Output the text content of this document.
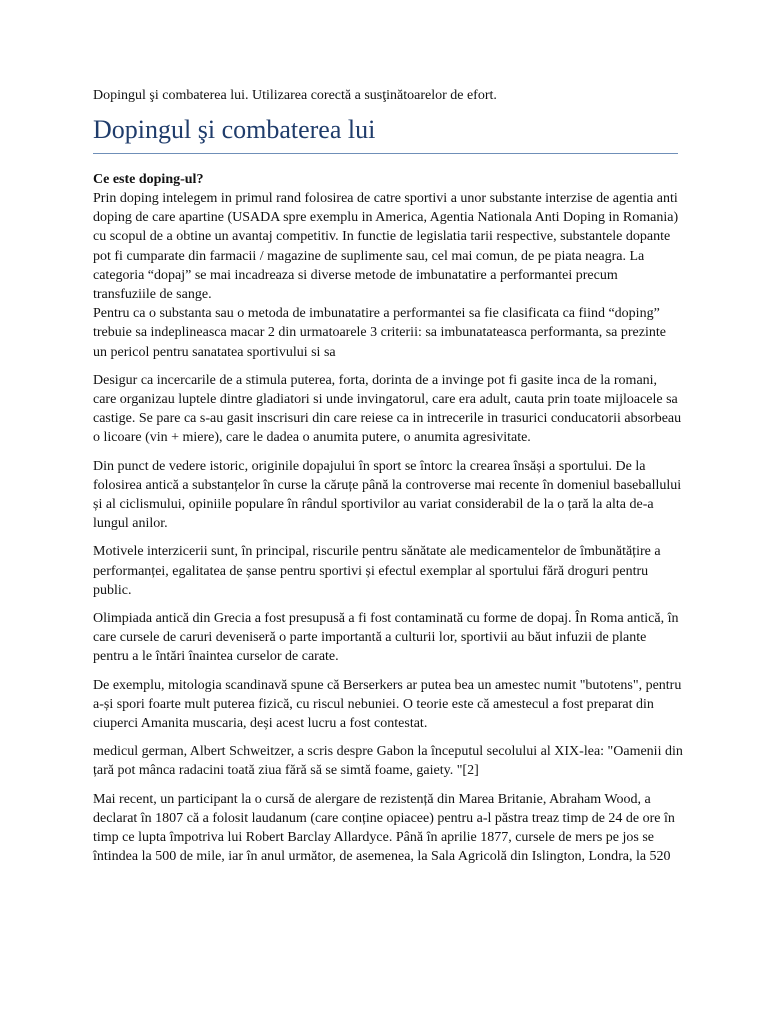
Dopingul şi combaterea lui. Utilizarea corectă a susţinătoarelor de efort.
Dopingul şi combaterea lui
Ce este doping-ul?

Prin doping intelegem in primul rand folosirea de catre sportivi a unor substante interzise de agentia anti doping de care apartine (USADA spre exemplu in America, Agentia Nationala Anti Doping in Romania) cu scopul de a obtine un avantaj competitiv. In functie de legislatia tarii respective, substantele dopante pot fi cumparate din farmacii / magazine de suplimente sau, cel mai comun, de pe piata neagra. La categoria “dopaj” se mai incadreaza si diverse metode de imbunatatire a performantei precum transfuziile de sange.

Pentru ca o substanta sau o metoda de imbunatatire a performantei sa fie clasificata ca fiind “doping” trebuie sa indeplineasca macar 2 din urmatoarele 3 criterii: sa imbunatateasca performanta, sa prezinte un pericol pentru sanatatea sportivului si sa

Desigur ca incercarile de a stimula puterea, forta, dorinta de a invinge pot fi gasite inca de la romani, care organizau luptele dintre gladiatori si unde invingatorul, care era adult, cauta prin toate mijloacele sa castige. Se pare ca s-au gasit inscrisuri din care reiese ca in intrecerile in trasurici conducatorii absorbeau o licoare (vin + miere), care le dadea o anumita putere, o anumita agresivitate.

Din punct de vedere istoric, originile dopajului în sport se întorc la crearea însăși a sportului. De la folosirea antică a substanțelor în curse la căruțe până la controverse mai recente în domeniul baseballului și al ciclismului, opiniile populare în rândul sportivilor au variat considerabil de la o țară la alta de-a lungul anilor.

Motivele interzicerii sunt, în principal, riscurile pentru sănătate ale medicamentelor de îmbunătățire a performanței, egalitatea de șanse pentru sportivi și efectul exemplar al sportului fără droguri pentru public.

Olimpiada antică din Grecia a fost presupusă a fi fost contaminată cu forme de dopaj. În Roma antică, în care cursele de caruri deveniseră o parte importantă a culturii lor, sportivii au băut infuzii de plante pentru a le întări înaintea curselor de carate.

De exemplu, mitologia scandinavă spune că Berserkers ar putea bea un amestec numit "butotens", pentru a-și spori foarte mult puterea fizică, cu riscul nebuniei. O teorie este că amestecul a fost preparat din ciuperci Amanita muscaria, deși acest lucru a fost contestat.

medicul german, Albert Schweitzer, a scris despre Gabon la începutul secolului al XIX-lea: "Oamenii din țară pot mânca radacini toată ziua fără să se simtă foame, gaiety. "[2]

Mai recent, un participant la o cursă de alergare de rezistență din Marea Britanie, Abraham Wood, a declarat în 1807 că a folosit laudanum (care conține opiacee) pentru a-l păstra treaz timp de 24 de ore în timp ce lupta împotriva lui Robert Barclay Allardyce. Până în aprilie 1877, cursele de mers pe jos se întindea la 500 de mile, iar în anul următor, de asemenea, la Sala Agricolă din Islington, Londra, la 520
